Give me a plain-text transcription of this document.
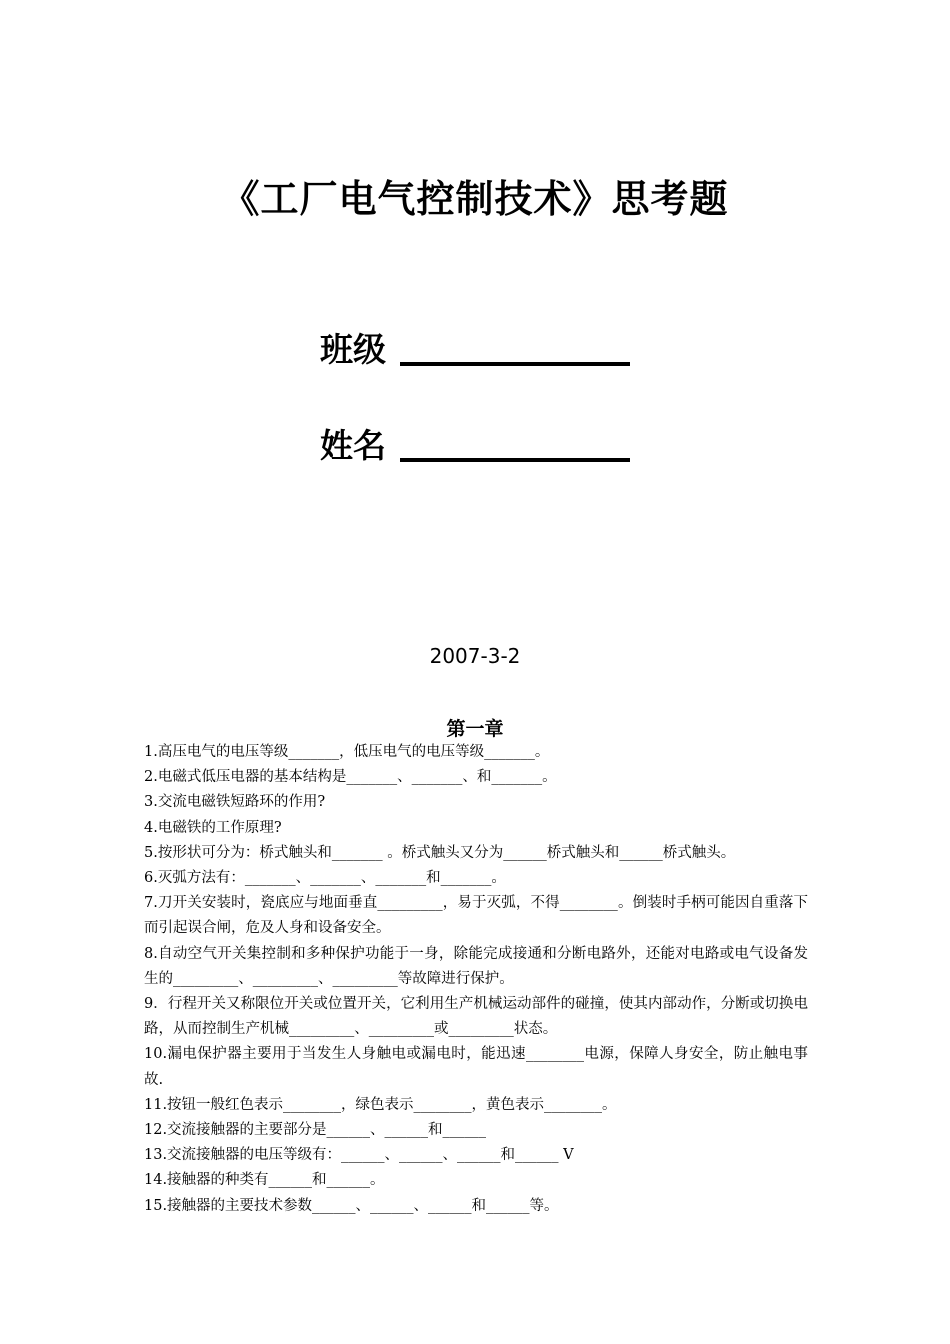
《工厂电气控制技术》思考题
班级
姓名
2007-3-2
第一章

1.高压电气的电压等级_______，低压电气的电压等级_______。

2.电磁式低压电器的基本结构是_______、_______、和_______。

3.交流电磁铁短路环的作用?

4.电磁铁的工作原理?

5.按形状可分为：桥式触头和_______ 。桥式触头又分为______桥式触头和______桥式触头。

6.灭弧方法有：_______、_______、_______和_______。

7.刀开关安装时，瓷底应与地面垂直_________，易于灭弧，不得________。倒装时手柄可能因自重落下而引起误合闸，危及人身和设备安全。

8.自动空气开关集控制和多种保护功能于一身，除能完成接通和分断电路外，还能对电路或电气设备发生的_________、_________、_________等故障进行保护。

9．行程开关又称限位开关或位置开关，它利用生产机械运动部件的碰撞，使其内部动作，分断或切换电路，从而控制生产机械_________、_________或_________状态。

10.漏电保护器主要用于当发生人身触电或漏电时，能迅速________电源，保障人身安全，防止触电事故.

11.按钮一般红色表示________，绿色表示________，黄色表示________。

12.交流接触器的主要部分是______、______和______

13.交流接触器的电压等级有：______、______、______和______ V

14.接触器的种类有______和______。

15.接触器的主要技术参数______、______、______和______等。
